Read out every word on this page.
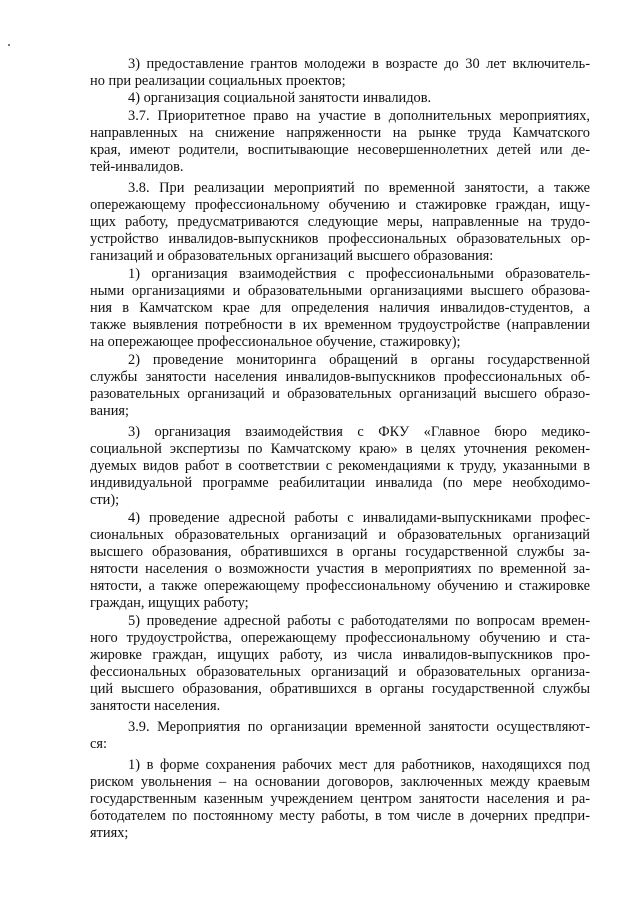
3) предоставление грантов молодежи в возрасте до 30 лет включитель-
но при реализации социальных проектов;
4) организация социальной занятости инвалидов.
3.7. Приоритетное право на участие в дополнительных мероприятиях,
направленных на снижение напряженности на рынке труда Камчатского
края, имеют родители, воспитывающие несовершеннолетних детей или де-
тей-инвалидов.
3.8. При реализации мероприятий по временной занятости, а также
опережающему профессиональному обучению и стажировке граждан, ищу-
щих работу, предусматриваются следующие меры, направленные на трудо-
устройство инвалидов-выпускников профессиональных образовательных ор-
ганизаций и образовательных организаций высшего образования:
1) организация взаимодействия с профессиональными образователь-
ными организациями и образовательными организациями высшего образова-
ния в Камчатском крае для определения наличия инвалидов-студентов, а
также выявления потребности в их временном трудоустройстве (направлении
на опережающее профессиональное обучение, стажировку);
2) проведение мониторинга обращений в органы государственной
службы занятости населения инвалидов-выпускников профессиональных об-
разовательных организаций и образовательных организаций высшего образо-
вания;
3) организация взаимодействия с ФКУ «Главное бюро медико-
социальной экспертизы по Камчатскому краю» в целях уточнения рекомен-
дуемых видов работ в соответствии с рекомендациями к труду, указанными в
индивидуальной программе реабилитации инвалида (по мере необходимо-
сти);
4) проведение адресной работы с инвалидами-выпускниками профес-
сиональных образовательных организаций и образовательных организаций
высшего образования, обратившихся в органы государственной службы за-
нятости населения о возможности участия в мероприятиях по временной за-
нятости, а также опережающему профессиональному обучению и стажировке
граждан, ищущих работу;
5) проведение адресной работы с работодателями по вопросам времен-
ного трудоустройства, опережающему профессиональному обучению и ста-
жировке граждан, ищущих работу, из числа инвалидов-выпускников про-
фессиональных образовательных организаций и образовательных организа-
ций высшего образования, обратившихся в органы государственной службы
занятости населения.
3.9. Мероприятия по организации временной занятости осуществляют-
ся:
1) в форме сохранения рабочих мест для работников, находящихся под
риском увольнения – на основании договоров, заключенных между краевым
государственным казенным учреждением центром занятости населения и ра-
ботодателем по постоянному месту работы, в том числе в дочерних предпри-
ятиях;
